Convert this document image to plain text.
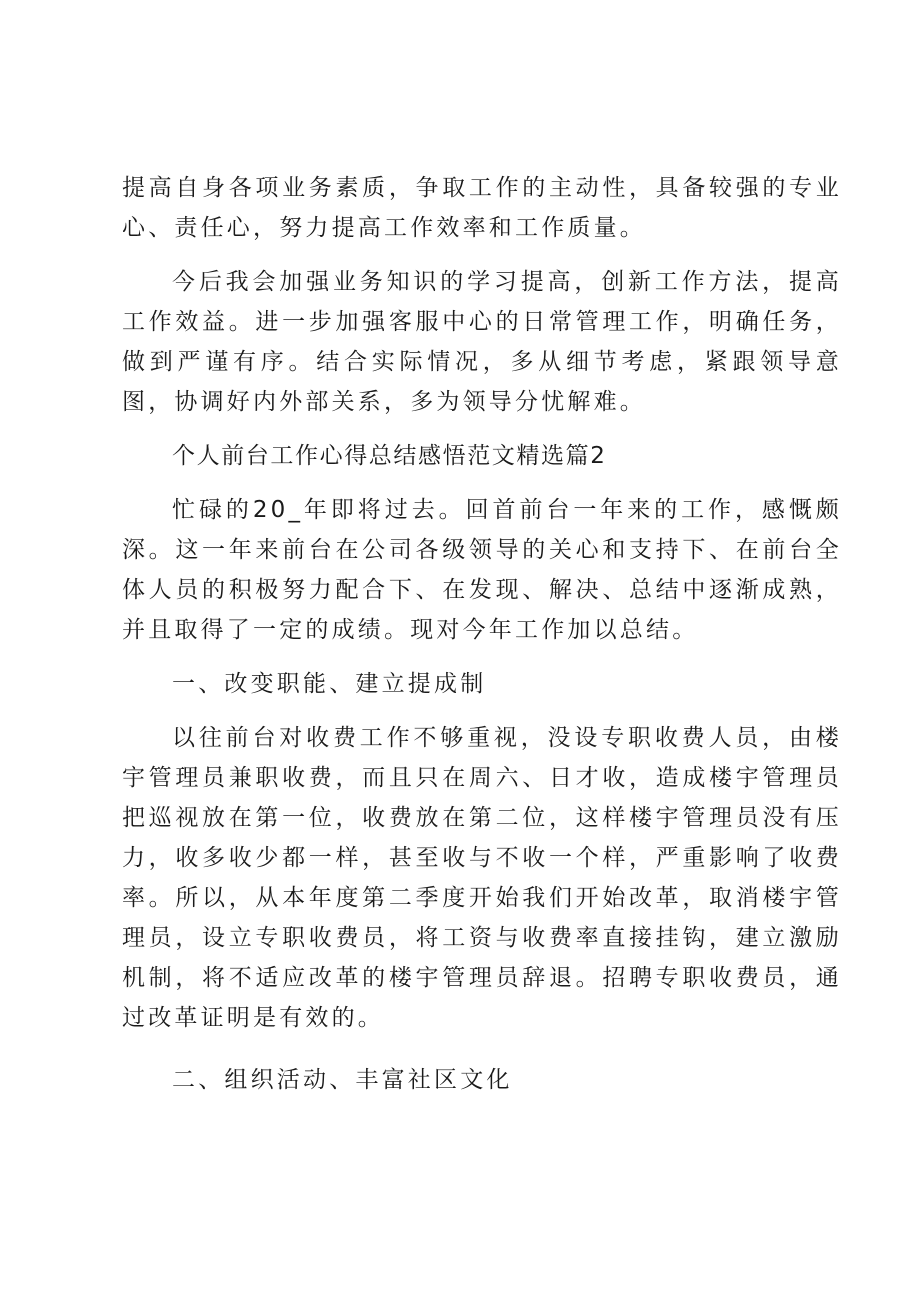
提高自身各项业务素质，争取工作的主动性，具备较强的专业心、责任心，努力提高工作效率和工作质量。

今后我会加强业务知识的学习提高，创新工作方法，提高工作效益。进一步加强客服中心的日常管理工作，明确任务，做到严谨有序。结合实际情况，多从细节考虑，紧跟领导意图，协调好内外部关系，多为领导分忧解难。

个人前台工作心得总结感悟范文精选篇2

忙碌的20_年即将过去。回首前台一年来的工作，感慨颇深。这一年来前台在公司各级领导的关心和支持下、在前台全体人员的积极努力配合下、在发现、解决、总结中逐渐成熟，并且取得了一定的成绩。现对今年工作加以总结。

一、改变职能、建立提成制

以往前台对收费工作不够重视，没设专职收费人员，由楼宇管理员兼职收费，而且只在周六、日才收，造成楼宇管理员把巡视放在第一位，收费放在第二位，这样楼宇管理员没有压力，收多收少都一样，甚至收与不收一个样，严重影响了收费率。所以，从本年度第二季度开始我们开始改革，取消楼宇管理员，设立专职收费员，将工资与收费率直接挂钩，建立激励机制，将不适应改革的楼宇管理员辞退。招聘专职收费员，通过改革证明是有效的。

二、组织活动、丰富社区文化
